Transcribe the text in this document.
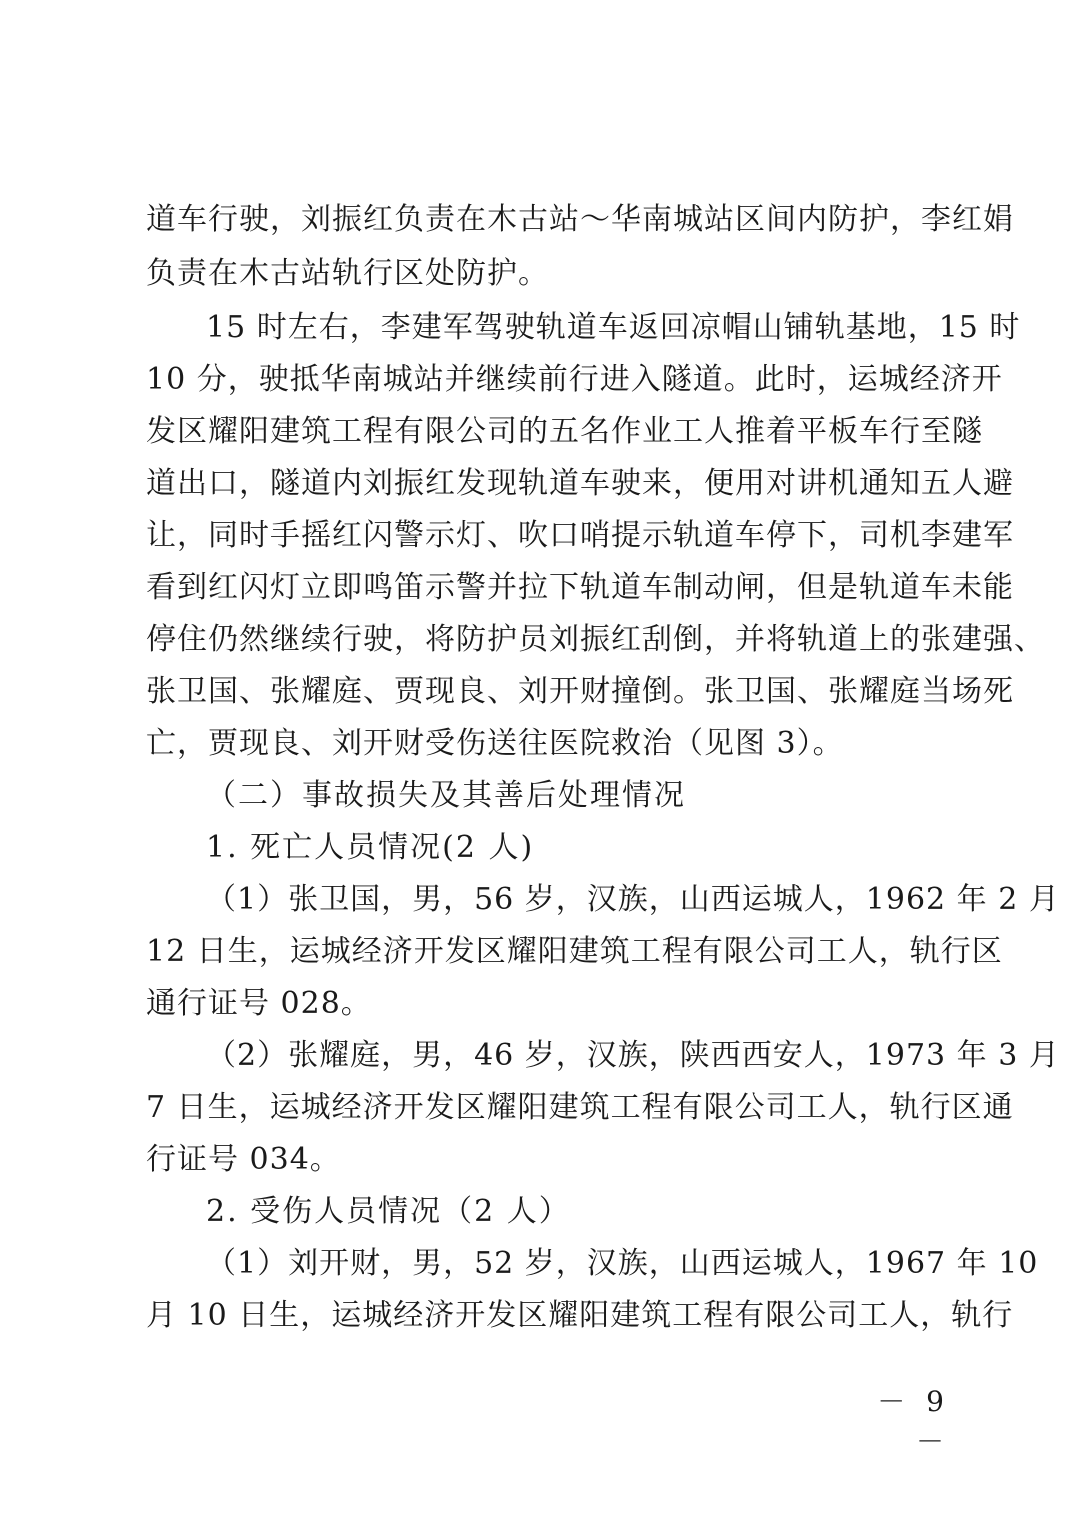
道车行驶，刘振红负责在木古站～华南城站区间内防护，李红娟
负责在木古站轨行区处防护。
15 时左右，李建军驾驶轨道车返回凉帽山铺轨基地，15 时
10 分，驶抵华南城站并继续前行进入隧道。此时，运城经济开
发区耀阳建筑工程有限公司的五名作业工人推着平板车行至隧
道出口，隧道内刘振红发现轨道车驶来，便用对讲机通知五人避
让，同时手摇红闪警示灯、吹口哨提示轨道车停下，司机李建军
看到红闪灯立即鸣笛示警并拉下轨道车制动闸，但是轨道车未能
停住仍然继续行驶，将防护员刘振红刮倒，并将轨道上的张建强、
张卫国、张耀庭、贾现良、刘开财撞倒。张卫国、张耀庭当场死
亡，贾现良、刘开财受伤送往医院救治（见图 3）。
（二）事故损失及其善后处理情况
1. 死亡人员情况(2 人)
（1）张卫国，男，56 岁，汉族，山西运城人，1962 年 2 月
12 日生，运城经济开发区耀阳建筑工程有限公司工人，轨行区
通行证号 028。
（2）张耀庭，男，46 岁，汉族，陕西西安人，1973 年 3 月
7 日生，运城经济开发区耀阳建筑工程有限公司工人，轨行区通
行证号 034。
2. 受伤人员情况（2 人）
（1）刘开财，男，52 岁，汉族，山西运城人，1967 年 10
月 10 日生，运城经济开发区耀阳建筑工程有限公司工人，轨行
－ 9 －
